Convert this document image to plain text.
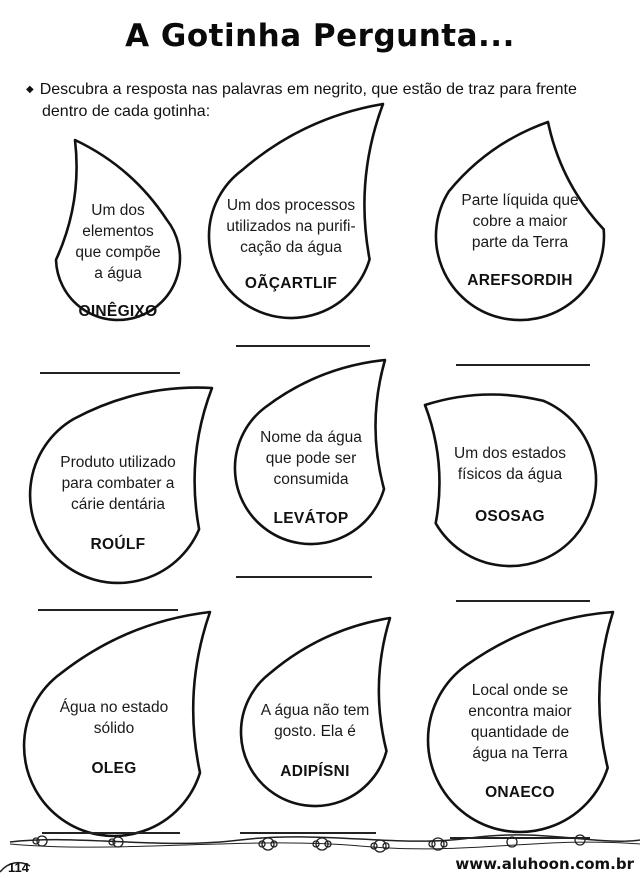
A Gotinha Pergunta...
◆ Descubra a resposta nas palavras em negrito, que estão de traz para frente
dentro de cada gotinha:
Um dos
elementos
que compõe
a água
OINÊGIXO
Um dos processos
utilizados na purifi-
cação da água
OÃÇARTLIF
Parte líquida que
cobre a maior
parte da Terra
AREFSORDIH
Produto utilizado
para combater a
cárie dentária
ROÚLF
Nome da água
que pode ser
consumida
LEVÁTOP
Um dos estados
físicos da água
OSOSAG
Água no estado
sólido
OLEG
A água não tem
gosto. Ela é
ADIPÍSNI
Local onde se
encontra maior
quantidade de
água na Terra
ONAECO
114	www.aluhoon.com.br
